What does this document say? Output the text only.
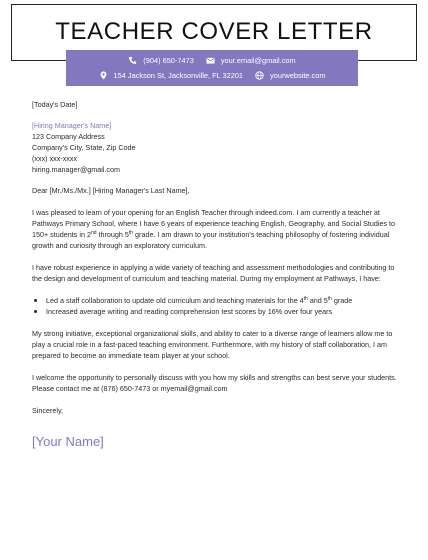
TEACHER COVER LETTER
(904) 650-7473	your.email@gmail.com
154 Jackson St, Jacksonville, FL 32201	yourwebsite.com

[Today's Date]

[Hiring Manager's Name]

123 Company Address

Company's City, State, Zip Code

(xxx) xxx-xxxx

hiring.manager@gmail.com

Dear [Mr./Ms./Mx.] [Hiring Manager's Last Name],

I was pleased to learn of your opening for an English Teacher through indeed.com. I am currently a teacher at Pathways Primary School, where I have 6 years of experience teaching English, Geography, and Social Studies to 150+ students in 2nd through 5th grade. I am drawn to your institution's teaching philosophy of fostering individual growth and curiosity through an exploratory curriculum.

I have robust experience in applying a wide variety of teaching and assessment methodologies and contributing to the design and development of curriculum and teaching material. During my employment at Pathways, I have:

Led a staff collaboration to update old curriculum and teaching materials for the 4th and 5th grade
Increased average writing and reading comprehension test scores by 16% over four years

My strong initiative, exceptional organizational skills, and ability to cater to a diverse range of learners allow me to play a crucial role in a fast-paced teaching environment. Furthermore, with my history of staff collaboration, I am prepared to become an immediate team player at your school.

I welcome the opportunity to personally discuss with you how my skills and strengths can best serve your students. Please contact me at (876) 650-7473 or myemail@gmail.com

Sincerely,

[Your Name]
